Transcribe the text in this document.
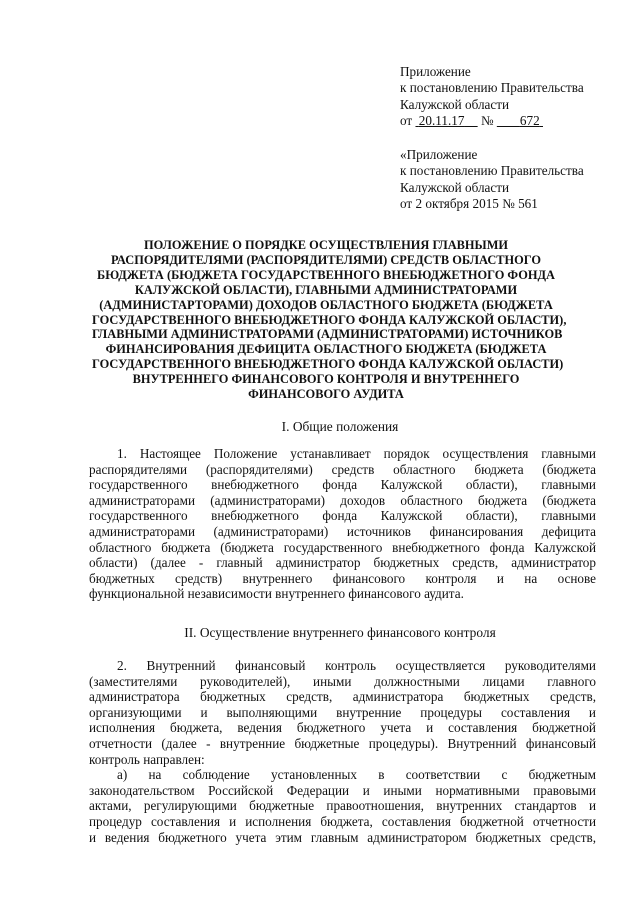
Приложение
к постановлению Правительства
Калужской области
от 20.11.17 № 672
«Приложение
к постановлению Правительства
Калужской области
от 2 октября 2015 № 561
ПОЛОЖЕНИЕ О ПОРЯДКЕ ОСУЩЕСТВЛЕНИЯ ГЛАВНЫМИ
РАСПОРЯДИТЕЛЯМИ (РАСПОРЯДИТЕЛЯМИ) СРЕДСТВ ОБЛАСТНОГО
БЮДЖЕТА (БЮДЖЕТА ГОСУДАРСТВЕННОГО ВНЕБЮДЖЕТНОГО ФОНДА
КАЛУЖСКОЙ ОБЛАСТИ), ГЛАВНЫМИ АДМИНИСТРАТОРАМИ
(АДМИНИСТАРТОРАМИ) ДОХОДОВ ОБЛАСТНОГО БЮДЖЕТА (БЮДЖЕТА
ГОСУДАРСТВЕННОГО ВНЕБЮДЖЕТНОГО ФОНДА КАЛУЖСКОЙ ОБЛАСТИ),
ГЛАВНЫМИ АДМИНИСТРАТОРАМИ (АДМИНИСТРАТОРАМИ) ИСТОЧНИКОВ
ФИНАНСИРОВАНИЯ ДЕФИЦИТА ОБЛАСТНОГО БЮДЖЕТА (БЮДЖЕТА
ГОСУДАРСТВЕННОГО ВНЕБЮДЖЕТНОГО ФОНДА КАЛУЖСКОЙ ОБЛАСТИ)
ВНУТРЕННЕГО ФИНАНСОВОГО КОНТРОЛЯ И ВНУТРЕННЕГО
ФИНАНСОВОГО АУДИТА
I. Общие положения
1. Настоящее Положение устанавливает порядок осуществления главными
распорядителями (распорядителями) средств областного бюджета (бюджета
государственного внебюджетного фонда Калужской области), главными
администраторами (администраторами) доходов областного бюджета (бюджета
государственного внебюджетного фонда Калужской области), главными
администраторами (администраторами) источников финансирования дефицита
областного бюджета (бюджета государственного внебюджетного фонда Калужской
области) (далее - главный администратор бюджетных средств, администратор
бюджетных средств) внутреннего финансового контроля и на основе
функциональной независимости внутреннего финансового аудита.
II. Осуществление внутреннего финансового контроля
2. Внутренний финансовый контроль осуществляется руководителями
(заместителями руководителей), иными должностными лицами главного
администратора бюджетных средств, администратора бюджетных средств,
организующими и выполняющими внутренние процедуры составления и
исполнения бюджета, ведения бюджетного учета и составления бюджетной
отчетности (далее - внутренние бюджетные процедуры). Внутренний финансовый
контроль направлен:
а) на соблюдение установленных в соответствии с бюджетным
законодательством Российской Федерации и иными нормативными правовыми
актами, регулирующими бюджетные правоотношения, внутренних стандартов и
процедур составления и исполнения бюджета, составления бюджетной отчетности
и ведения бюджетного учета этим главным администратором бюджетных средств,
